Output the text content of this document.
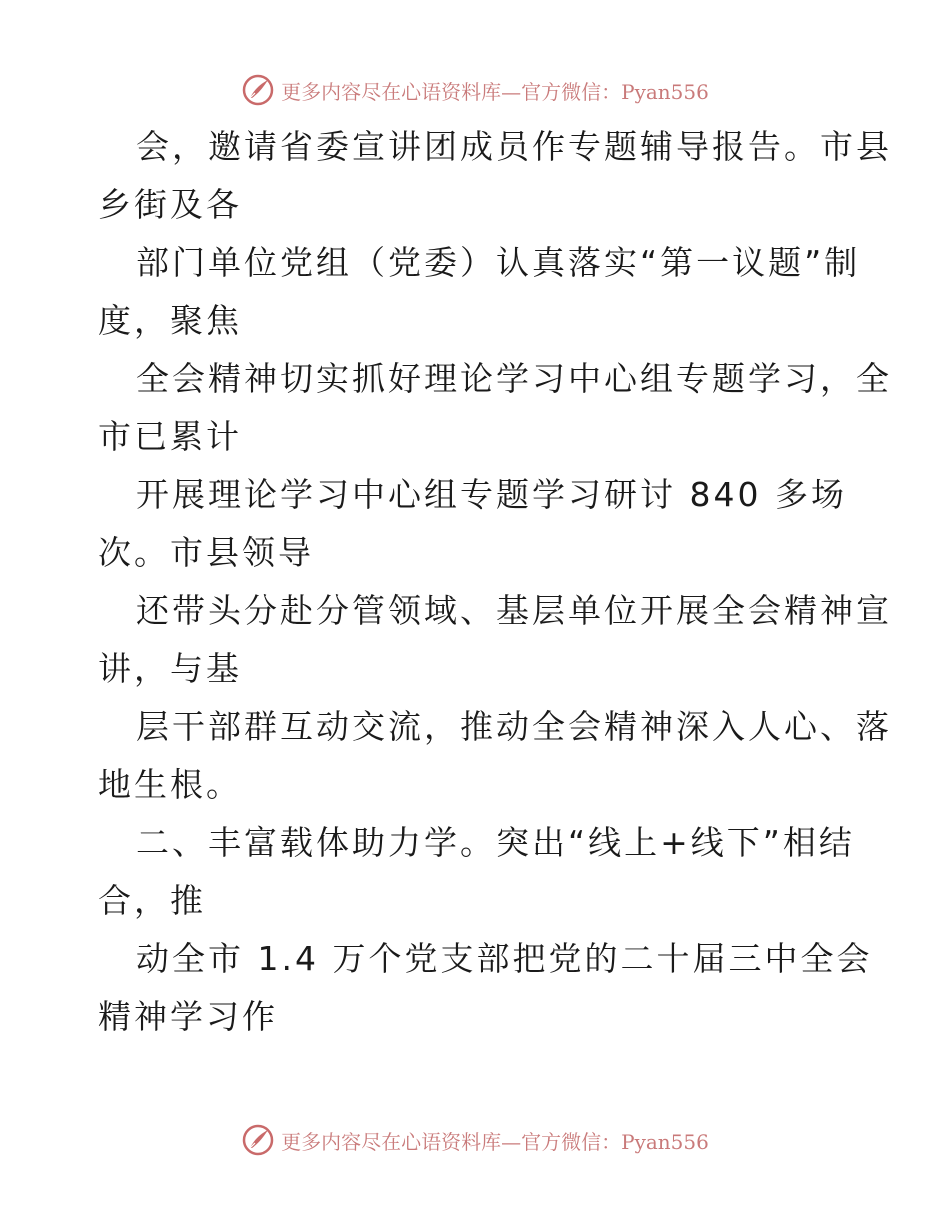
更多内容尽在心语资料库—官方微信：Pyan556
会，邀请省委宣讲团成员作专题辅导报告。市县
乡街及各
部门单位党组（党委）认真落实“第一议题”制
度，聚焦
全会精神切实抓好理论学习中心组专题学习，全
市已累计
开展理论学习中心组专题学习研讨 840 多场
次。市县领导
还带头分赴分管领域、基层单位开展全会精神宣
讲，与基
层干部群互动交流，推动全会精神深入人心、落
地生根。
二、丰富载体助力学。突出“线上+线下”相结
合，推
动全市 1.4 万个党支部把党的二十届三中全会
精神学习作
更多内容尽在心语资料库—官方微信：Pyan556
